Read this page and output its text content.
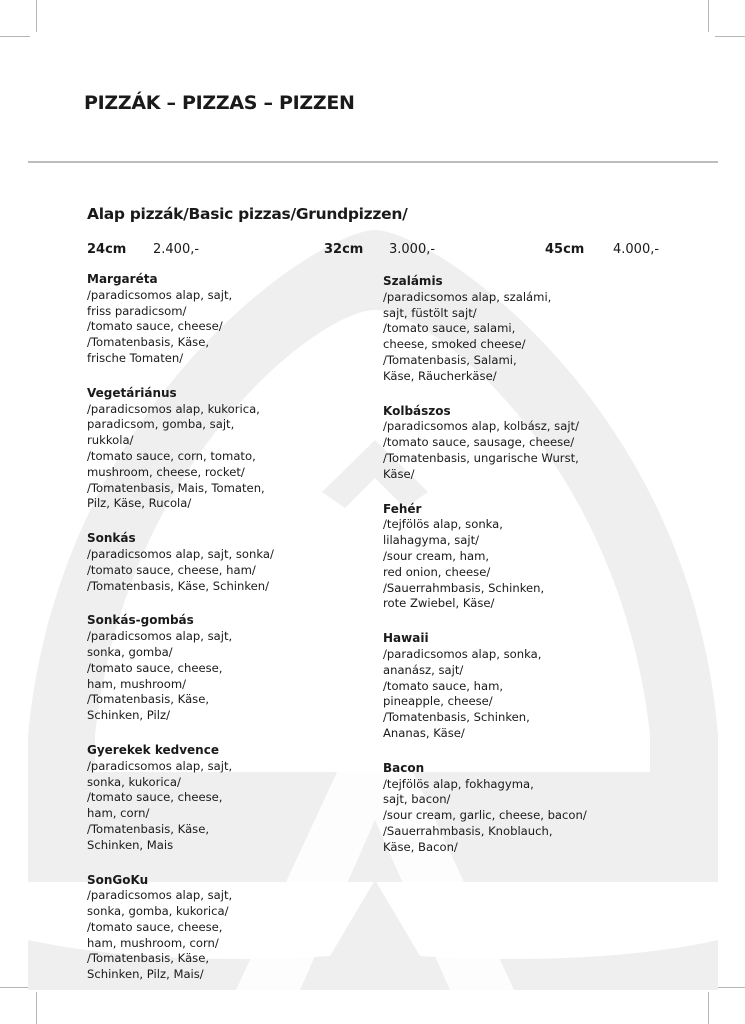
PIZZÁK – PIZZAS – PIZZEN
Alap pizzák/Basic pizzas/Grundpizzen/
24cm 2.400,-	32cm 3.000,-	45cm 4.000,-
Margaréta
/paradicsomos alap, sajt,
friss paradicsom/
/tomato sauce, cheese/
/Tomatenbasis, Käse,
frische Tomaten/
Vegetáriánus
/paradicsomos alap, kukorica,
paradicsom, gomba, sajt,
rukkola/
/tomato sauce, corn, tomato,
mushroom, cheese, rocket/
/Tomatenbasis, Mais, Tomaten,
Pilz, Käse, Rucola/
Sonkás
/paradicsomos alap, sajt, sonka/
/tomato sauce, cheese, ham/
/Tomatenbasis, Käse, Schinken/
Sonkás-gombás
/paradicsomos alap, sajt,
sonka, gomba/
/tomato sauce, cheese,
ham, mushroom/
/Tomatenbasis, Käse,
Schinken, Pilz/
Gyerekek kedvence
/paradicsomos alap, sajt,
sonka, kukorica/
/tomato sauce, cheese,
ham, corn/
/Tomatenbasis, Käse,
Schinken, Mais
SonGoKu
/paradicsomos alap, sajt,
sonka, gomba, kukorica/
/tomato sauce, cheese,
ham, mushroom, corn/
/Tomatenbasis, Käse,
Schinken, Pilz, Mais/
Szalámis
/paradicsomos alap, szalámi,
sajt, füstölt sajt/
/tomato sauce, salami,
cheese, smoked cheese/
/Tomatenbasis, Salami,
Käse, Räucherkäse/
Kolbászos
/paradicsomos alap, kolbász, sajt/
/tomato sauce, sausage, cheese/
/Tomatenbasis, ungarische Wurst,
Käse/
Fehér
/tejfölös alap, sonka,
lilahagyma, sajt/
/sour cream, ham,
red onion, cheese/
/Sauerrahmbasis, Schinken,
rote Zwiebel, Käse/
Hawaii
/paradicsomos alap, sonka,
ananász, sajt/
/tomato sauce, ham,
pineapple, cheese/
/Tomatenbasis, Schinken,
Ananas, Käse/
Bacon
/tejfölös alap, fokhagyma,
sajt, bacon/
/sour cream, garlic, cheese, bacon/
/Sauerrahmbasis, Knoblauch,
Käse, Bacon/
